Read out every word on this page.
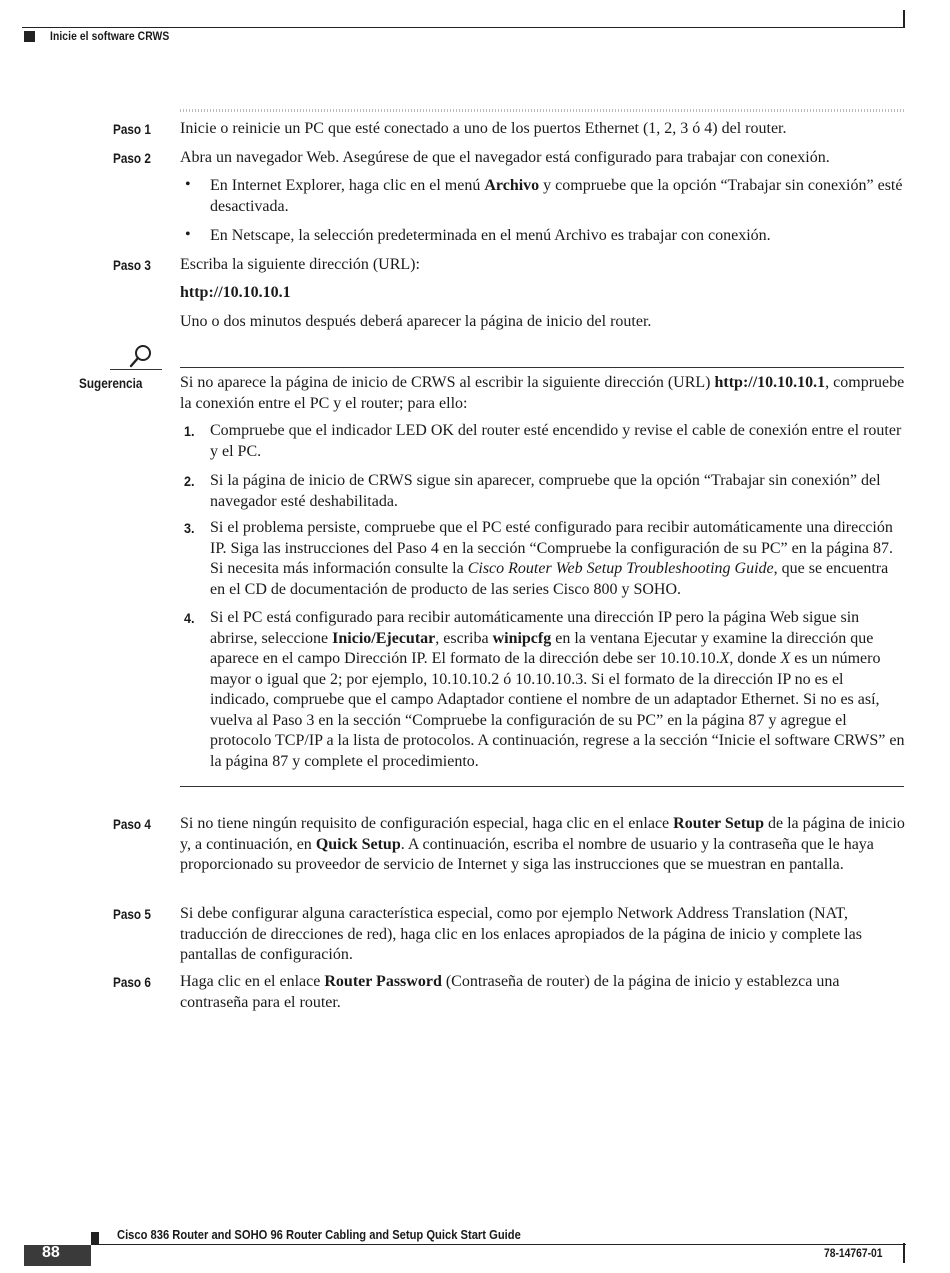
Inicie el software CRWS
Paso 1 Inicie o reinicie un PC que esté conectado a uno de los puertos Ethernet (1, 2, 3 ó 4) del router.
Paso 2 Abra un navegador Web. Asegúrese de que el navegador está configurado para trabajar con conexión.
• En Internet Explorer, haga clic en el menú Archivo y compruebe que la opción “Trabajar sin conexión” esté desactivada.
• En Netscape, la selección predeterminada en el menú Archivo es trabajar con conexión.
Paso 3 Escriba la siguiente dirección (URL):
http://10.10.10.1
Uno o dos minutos después deberá aparecer la página de inicio del router.
Sugerencia Si no aparece la página de inicio de CRWS al escribir la siguiente dirección (URL) http://10.10.10.1, compruebe la conexión entre el PC y el router; para ello:
1. Compruebe que el indicador LED OK del router esté encendido y revise el cable de conexión entre el router y el PC.
2. Si la página de inicio de CRWS sigue sin aparecer, compruebe que la opción “Trabajar sin conexión” del navegador esté deshabilitada.
3. Si el problema persiste, compruebe que el PC esté configurado para recibir automáticamente una dirección IP. Siga las instrucciones del Paso 4 en la sección “Compruebe la configuración de su PC” en la página 87. Si necesita más información consulte la Cisco Router Web Setup Troubleshooting Guide, que se encuentra en el CD de documentación de producto de las series Cisco 800 y SOHO.
4. Si el PC está configurado para recibir automáticamente una dirección IP pero la página Web sigue sin abrirse, seleccione Inicio/Ejecutar, escriba winipcfg en la ventana Ejecutar y examine la dirección que aparece en el campo Dirección IP. El formato de la dirección debe ser 10.10.10.X, donde X es un número mayor o igual que 2; por ejemplo, 10.10.10.2 ó 10.10.10.3. Si el formato de la dirección IP no es el indicado, compruebe que el campo Adaptador contiene el nombre de un adaptador Ethernet. Si no es así, vuelva al Paso 3 en la sección “Compruebe la configuración de su PC” en la página 87 y agregue el protocolo TCP/IP a la lista de protocolos. A continuación, regrese a la sección “Inicie el software CRWS” en la página 87 y complete el procedimiento.
Paso 4 Si no tiene ningún requisito de configuración especial, haga clic en el enlace Router Setup de la página de inicio y, a continuación, en Quick Setup. A continuación, escriba el nombre de usuario y la contraseña que le haya proporcionado su proveedor de servicio de Internet y siga las instrucciones que se muestran en pantalla.
Paso 5 Si debe configurar alguna característica especial, como por ejemplo Network Address Translation (NAT, traducción de direcciones de red), haga clic en los enlaces apropiados de la página de inicio y complete las pantallas de configuración.
Paso 6 Haga clic en el enlace Router Password (Contraseña de router) de la página de inicio y establezca una contraseña para el router.
Cisco 836 Router and SOHO 96 Router Cabling and Setup Quick Start Guide
88	78-14767-01
